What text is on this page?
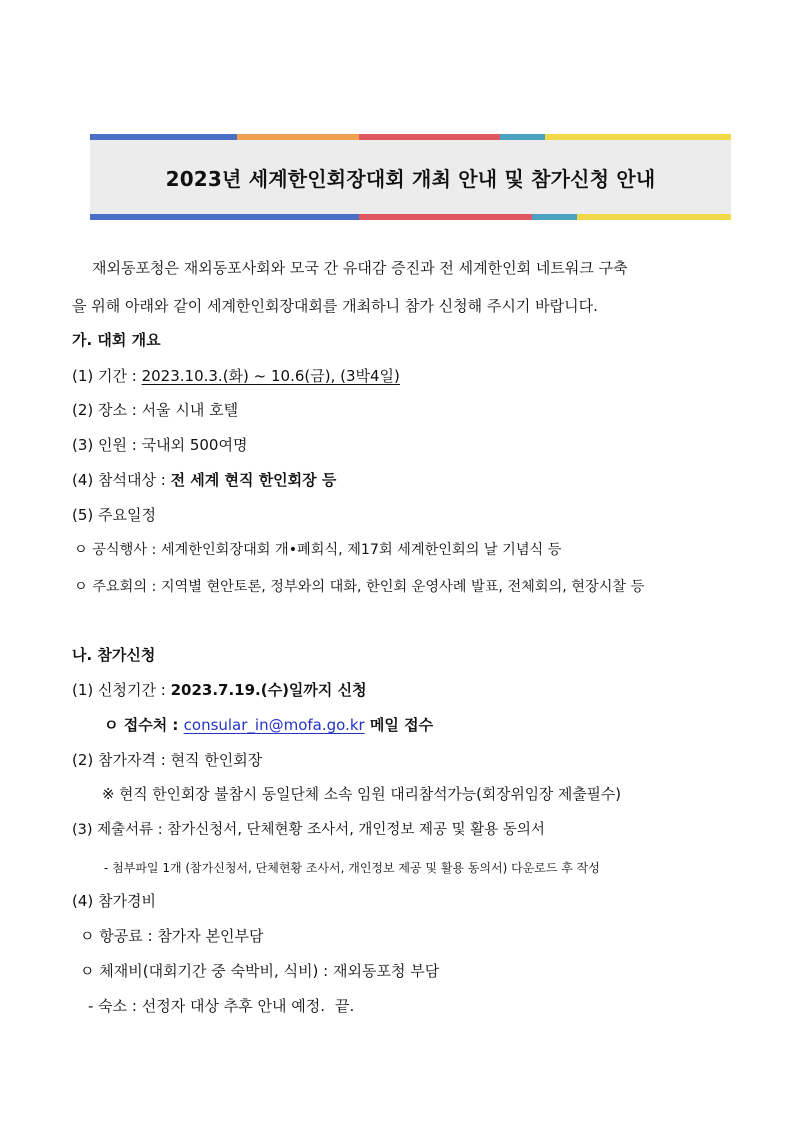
2023년 세계한인회장대회 개최 안내 및 참가신청 안내
재외동포청은 재외동포사회와 모국 간 유대감 증진과 전 세계한인회 네트워크 구축
을 위해 아래와 같이 세계한인회장대회를 개최하니 참가 신청해 주시기 바랍니다.
가. 대회 개요
(1) 기간 : 2023.10.3.(화) ~ 10.6(금), (3박4일)
(2) 장소 : 서울 시내 호텔
(3) 인원 : 국내외 500여명
(4) 참석대상 : 전 세계 현직 한인회장 등
(5) 주요일정
ㅇ 공식행사 : 세계한인회장대회 개•폐회식, 제17회 세계한인회의 날 기념식 등
ㅇ 주요회의 : 지역별 현안토론, 정부와의 대화, 한인회 운영사례 발표, 전체회의, 현장시찰 등
나. 참가신청
(1) 신청기간 : 2023.7.19.(수)일까지 신청
ㅇ 접수처 : consular_in@mofa.go.kr 메일 접수
(2) 참가자격 : 현직 한인회장
※ 현직 한인회장 불참시 동일단체 소속 임원 대리참석가능(회장위임장 제출필수)
(3) 제출서류 : 참가신청서, 단체현황 조사서, 개인정보 제공 및 활용 동의서
- 첨부파일 1개 (참가신청서, 단체현황 조사서, 개인정보 제공 및 활용 동의서) 다운로드 후 작성
(4) 참가경비
ㅇ 항공료 : 참가자 본인부담
ㅇ 체재비(대회기간 중 숙박비, 식비) : 재외동포청 부담
- 숙소 : 선정자 대상 추후 안내 예정. 끝.
